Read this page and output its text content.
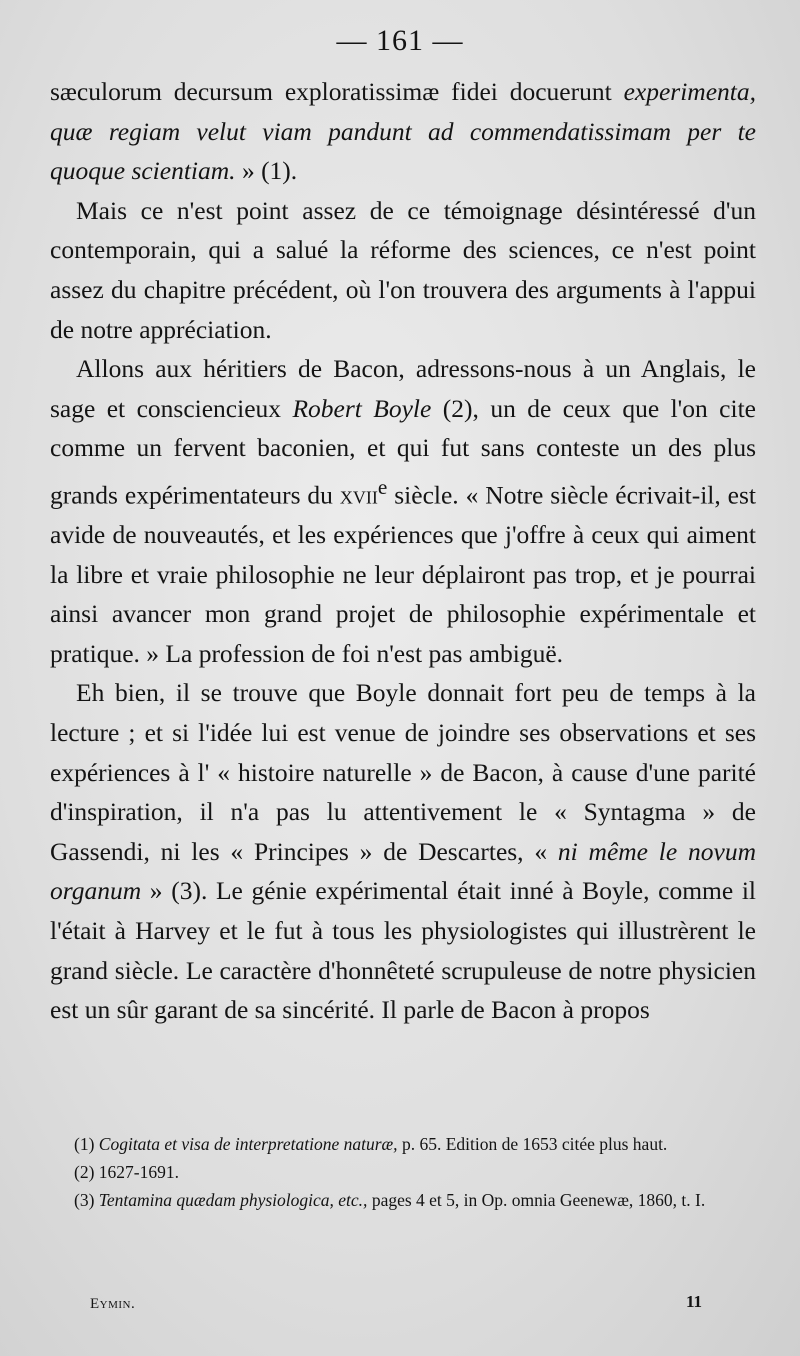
— 161 —

sæculorum decursum exploratissimæ fidei docuerunt experimenta, quæ regiam velut viam pandunt ad commendatissimam per te quoque scientiam. » (1).

Mais ce n'est point assez de ce témoignage désintéressé d'un contemporain, qui a salué la réforme des sciences, ce n'est point assez du chapitre précédent, où l'on trouvera des arguments à l'appui de notre appréciation.

Allons aux héritiers de Bacon, adressons-nous à un Anglais, le sage et consciencieux Robert Boyle (2), un de ceux que l'on cite comme un fervent baconien, et qui fut sans conteste un des plus grands expérimentateurs du xvii$^e$ siècle. « Notre siècle écrivait-il, est avide de nouveautés, et les expériences que j'offre à ceux qui aiment la libre et vraie philosophie ne leur déplairont pas trop, et je pourrai ainsi avancer mon grand projet de philosophie expérimentale et pratique. » La profession de foi n'est pas ambiguë.

Eh bien, il se trouve que Boyle donnait fort peu de temps à la lecture ; et si l'idée lui est venue de joindre ses observations et ses expériences à l' « histoire naturelle » de Bacon, à cause d'une parité d'inspiration, il n'a pas lu attentivement le « Syntagma » de Gassendi, ni les « Principes » de Descartes, « ni même le novum organum » (3). Le génie expérimental était inné à Boyle, comme il l'était à Harvey et le fut à tous les physiologistes qui illustrèrent le grand siècle. Le caractère d'honnêteté scrupuleuse de notre physicien est un sûr garant de sa sincérité. Il parle de Bacon à propos

(1) Cogitata et visa de interpretatione naturæ, p. 65. Edition de 1653 citée plus haut.

(2) 1627-1691.

(3) Tentamina quædam physiologica, etc., pages 4 et 5, in Op. omnia Geenewæ, 1860, t. I.

Eymin.	11
